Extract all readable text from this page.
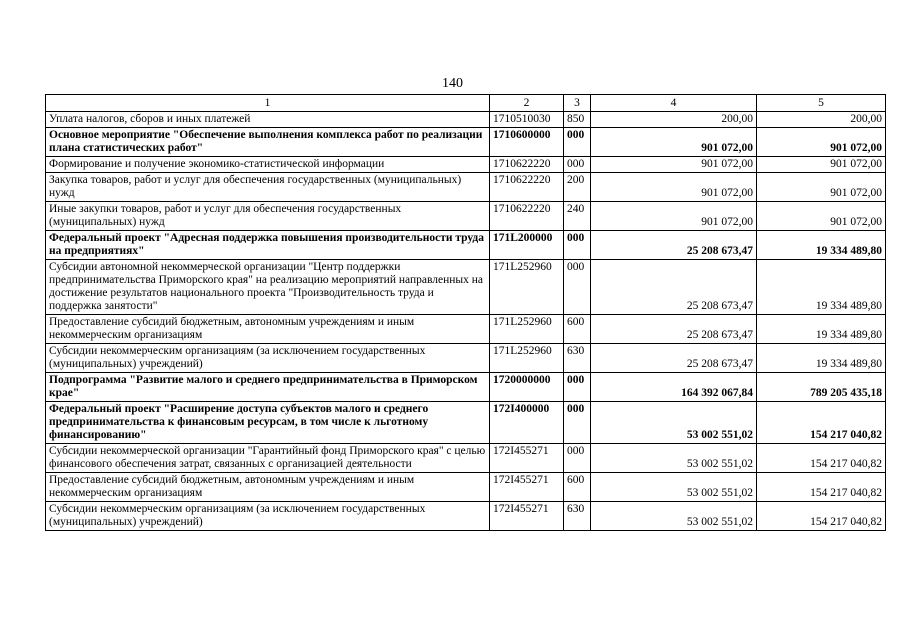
140
1	2	3	4	5
Уплата налогов, сборов и иных платежей	1710510030	850	200,00	200,00
Основное мероприятие "Обеспечение выполнения комплекса работ по реализации плана статистических работ"	1710600000	000	901 072,00	901 072,00
Формирование и получение экономико-статистической информации	1710622220	000	901 072,00	901 072,00
Закупка товаров, работ и услуг для обеспечения государственных (муниципальных) нужд	1710622220	200	901 072,00	901 072,00
Иные закупки товаров, работ и услуг для обеспечения государственных (муниципальных) нужд	1710622220	240	901 072,00	901 072,00
Федеральный проект "Адресная поддержка повышения производительности труда на предприятиях"	171L200000	000	25 208 673,47	19 334 489,80
Субсидии автономной некоммерческой организации "Центр поддержки предпринимательства Приморского края" на реализацию мероприятий направленных на достижение результатов национального проекта "Производительность труда и поддержка занятости"	171L252960	000	25 208 673,47	19 334 489,80
Предоставление субсидий бюджетным, автономным учреждениям и иным некоммерческим организациям	171L252960	600	25 208 673,47	19 334 489,80
Субсидии некоммерческим организациям (за исключением государственных (муниципальных) учреждений)	171L252960	630	25 208 673,47	19 334 489,80
Подпрограмма "Развитие малого и среднего предпринимательства в Приморском крае"	1720000000	000	164 392 067,84	789 205 435,18
Федеральный проект "Расширение доступа субъектов малого и среднего предпринимательства к финансовым ресурсам, в том числе к льготному финансированию"	172I400000	000	53 002 551,02	154 217 040,82
Субсидии некоммерческой организации "Гарантийный фонд Приморского края" с целью финансового обеспечения затрат, связанных с организацией деятельности	172I455271	000	53 002 551,02	154 217 040,82
Предоставление субсидий бюджетным, автономным учреждениям и иным некоммерческим организациям	172I455271	600	53 002 551,02	154 217 040,82
Субсидии некоммерческим организациям (за исключением государственных (муниципальных) учреждений)	172I455271	630	53 002 551,02	154 217 040,82
